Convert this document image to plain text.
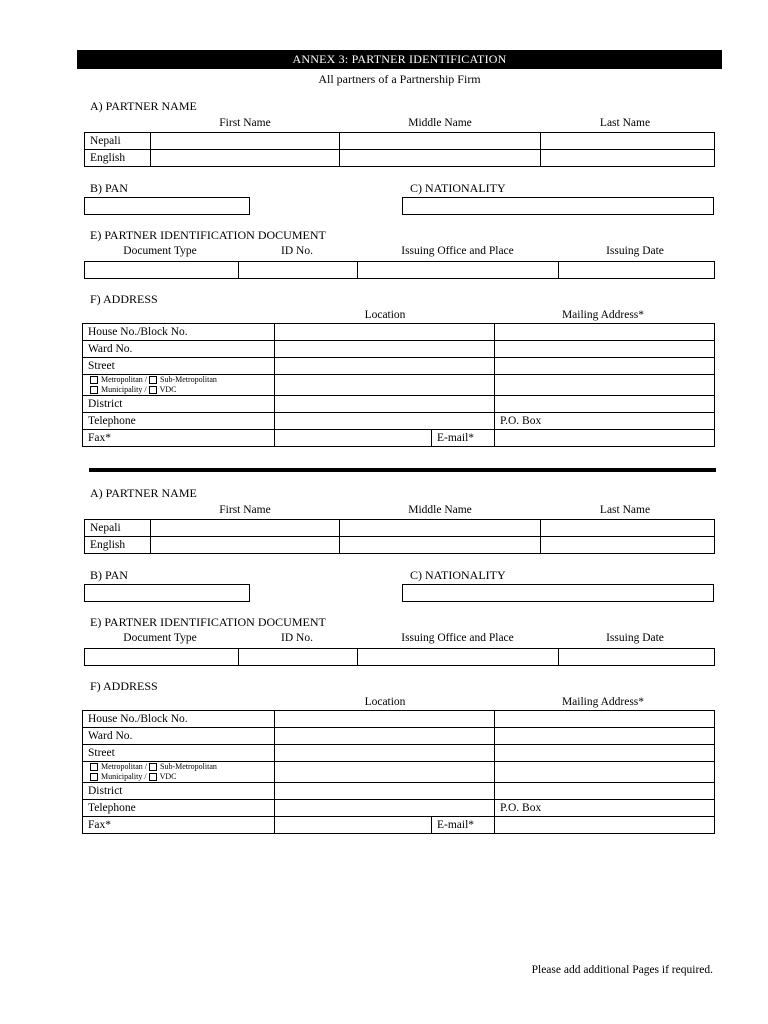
ANNEX 3: PARTNER IDENTIFICATION
All partners of a Partnership Firm
A) PARTNER NAME
First Name	Middle Name	Last Name
Nepali			
English			
B) PAN	C) NATIONALITY
E) PARTNER IDENTIFICATION DOCUMENT
Document Type	ID No.	Issuing Office and Place	Issuing Date

F) ADDRESS
Location	Mailing Address*
House No./Block No.			
Ward No.			
Street			

Metropolitan / Sub-Metropolitan
Municipality / VDC			

District			
Telephone			P.O. Box
Fax*		E-mail*	
A) PARTNER NAME
First Name	Middle Name	Last Name
Nepali			
English			
B) PAN	C) NATIONALITY
E) PARTNER IDENTIFICATION DOCUMENT
Document Type	ID No.	Issuing Office and Place	Issuing Date

F) ADDRESS
Location	Mailing Address*
House No./Block No.			
Ward No.			
Street			

Metropolitan / Sub-Metropolitan
Municipality / VDC			

District			
Telephone			P.O. Box
Fax*		E-mail*	
Please add additional Pages if required.
